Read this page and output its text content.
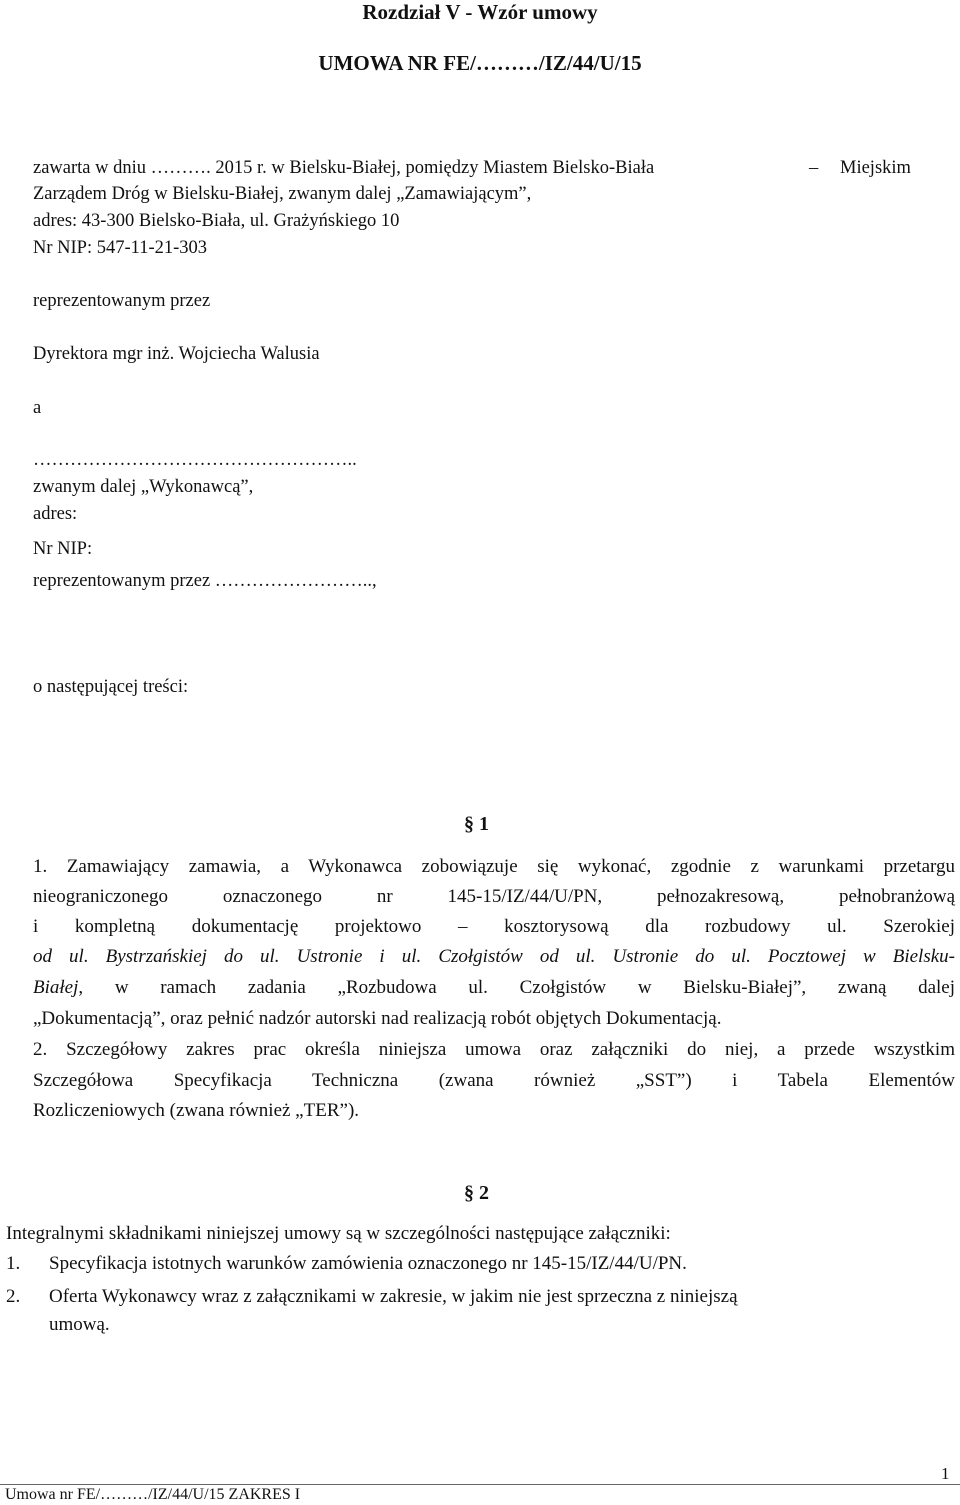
Rozdział V - Wzór umowy
UMOWA NR FE/………/IZ/44/U/15
zawarta w dniu ………. 2015 r. w Bielsku-Białej, pomiędzy Miastem Bielsko-Biała	– Miejskim
Zarządem Dróg w Bielsku-Białej, zwanym dalej „Zamawiającym”,
adres: 43-300 Bielsko-Biała, ul. Grażyńskiego 10
Nr NIP: 547-11-21-303
reprezentowanym przez
Dyrektora mgr inż. Wojciecha Walusia
a
……………………………………………..
zwanym dalej „Wykonawcą”,
adres:
Nr NIP:
reprezentowanym przez ……………………..,
o następującej treści:
§ 1
1. Zamawiający zamawia, a Wykonawca zobowiązuje się wykonać, zgodnie z warunkami przetargu
nieograniczonego oznaczonego nr 145-15/IZ/44/U/PN, pełnozakresową, pełnobranżową
i kompletną dokumentację projektowo – kosztorysową dla rozbudowy ul. Szerokiej
od ul. Bystrzańskiej do ul. Ustronie i ul. Czołgistów od ul. Ustronie do ul. Pocztowej w Bielsku-
Białej, w ramach zadania „Rozbudowa ul. Czołgistów w Bielsku-Białej”, zwaną dalej
„Dokumentacją”, oraz pełnić nadzór autorski nad realizacją robót objętych Dokumentacją.
2. Szczegółowy zakres prac określa niniejsza umowa oraz załączniki do niej, a przede wszystkim
Szczegółowa Specyfikacja Techniczna (zwana również „SST”) i Tabela Elementów
Rozliczeniowych (zwana również „TER”).
§ 2
Integralnymi składnikami niniejszej umowy są w szczególności następujące załączniki:
1. Specyfikacja istotnych warunków zamówienia oznaczonego nr 145-15/IZ/44/U/PN.
2. Oferta Wykonawcy wraz z załącznikami w zakresie, w jakim nie jest sprzeczna z niniejszą
umową.
1
Umowa nr FE/………/IZ/44/U/15 ZAKRES I
